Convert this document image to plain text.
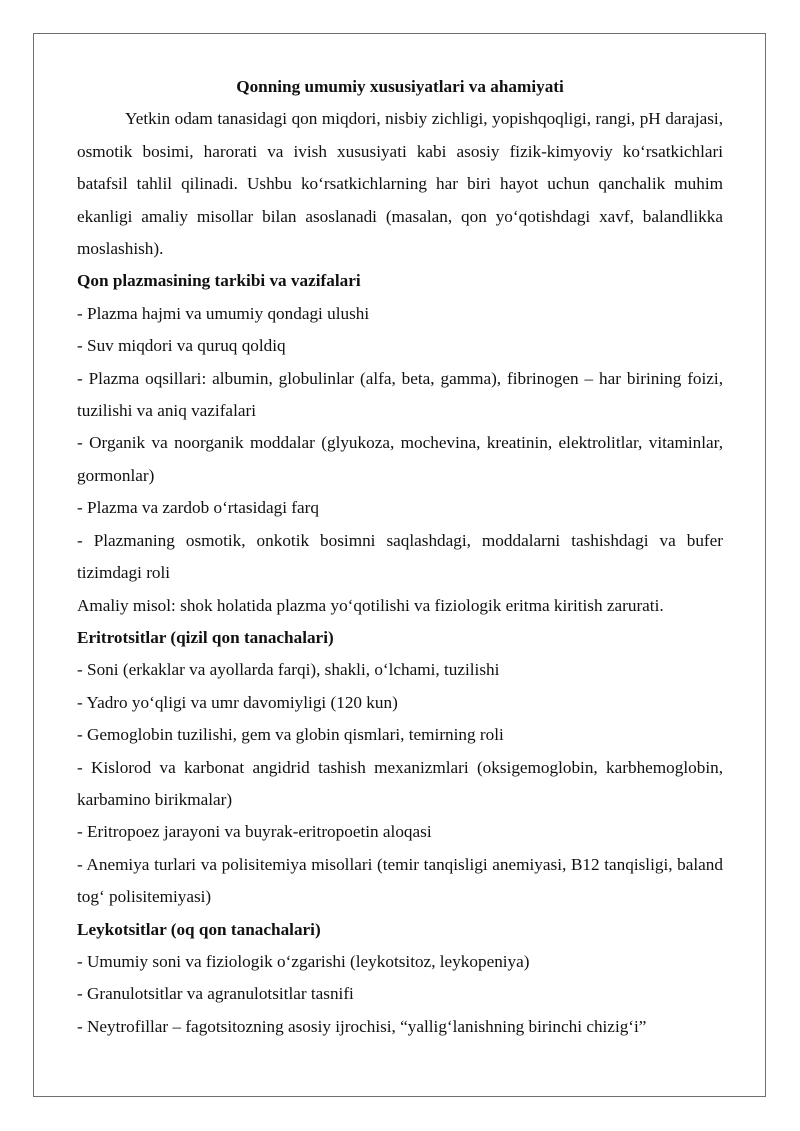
Qonning umumiy xususiyatlari va ahamiyati

Yetkin odam tanasidagi qon miqdori, nisbiy zichligi, yopishqoqligi, rangi, pH darajasi, osmotik bosimi, harorati va ivish xususiyati kabi asosiy fizik-kimyoviy ko‘rsatkichlari batafsil tahlil qilinadi. Ushbu ko‘rsatkichlarning har biri hayot uchun qanchalik muhim ekanligi amaliy misollar bilan asoslanadi (masalan, qon yo‘qotishdagi xavf, balandlikka moslashish).

Qon plazmasining tarkibi va vazifalari

- Plazma hajmi va umumiy qondagi ulushi

- Suv miqdori va quruq qoldiq

- Plazma oqsillari: albumin, globulinlar (alfa, beta, gamma), fibrinogen – har birining foizi, tuzilishi va aniq vazifalari

- Organik va noorganik moddalar (glyukoza, mochevina, kreatinin, elektrolitlar, vitaminlar, gormonlar)

- Plazma va zardob o‘rtasidagi farq

- Plazmaning osmotik, onkotik bosimni saqlashdagi, moddalarni tashishdagi va bufer tizimdagi roli

Amaliy misol: shok holatida plazma yo‘qotilishi va fiziologik eritma kiritish zarurati.

Eritrotsitlar (qizil qon tanachalari)

- Soni (erkaklar va ayollarda farqi), shakli, o‘lchami, tuzilishi

- Yadro yo‘qligi va umr davomiyligi (120 kun)

- Gemoglobin tuzilishi, gem va globin qismlari, temirning roli

- Kislorod va karbonat angidrid tashish mexanizmlari (oksigemoglobin, karbhemoglobin, karbamino birikmalar)

- Eritropoez jarayoni va buyrak-eritropoetin aloqasi

- Anemiya turlari va polisitemiya misollari (temir tanqisligi anemiyasi, B12 tanqisligi, baland tog‘ polisitemiyasi)

Leykotsitlar (oq qon tanachalari)

- Umumiy soni va fiziologik o‘zgarishi (leykotsitoz, leykopeniya)

- Granulotsitlar va agranulotsitlar tasnifi

- Neytrofillar – fagotsitozning asosiy ijrochisi, “yallig‘lanishning birinchi chizig‘i”
